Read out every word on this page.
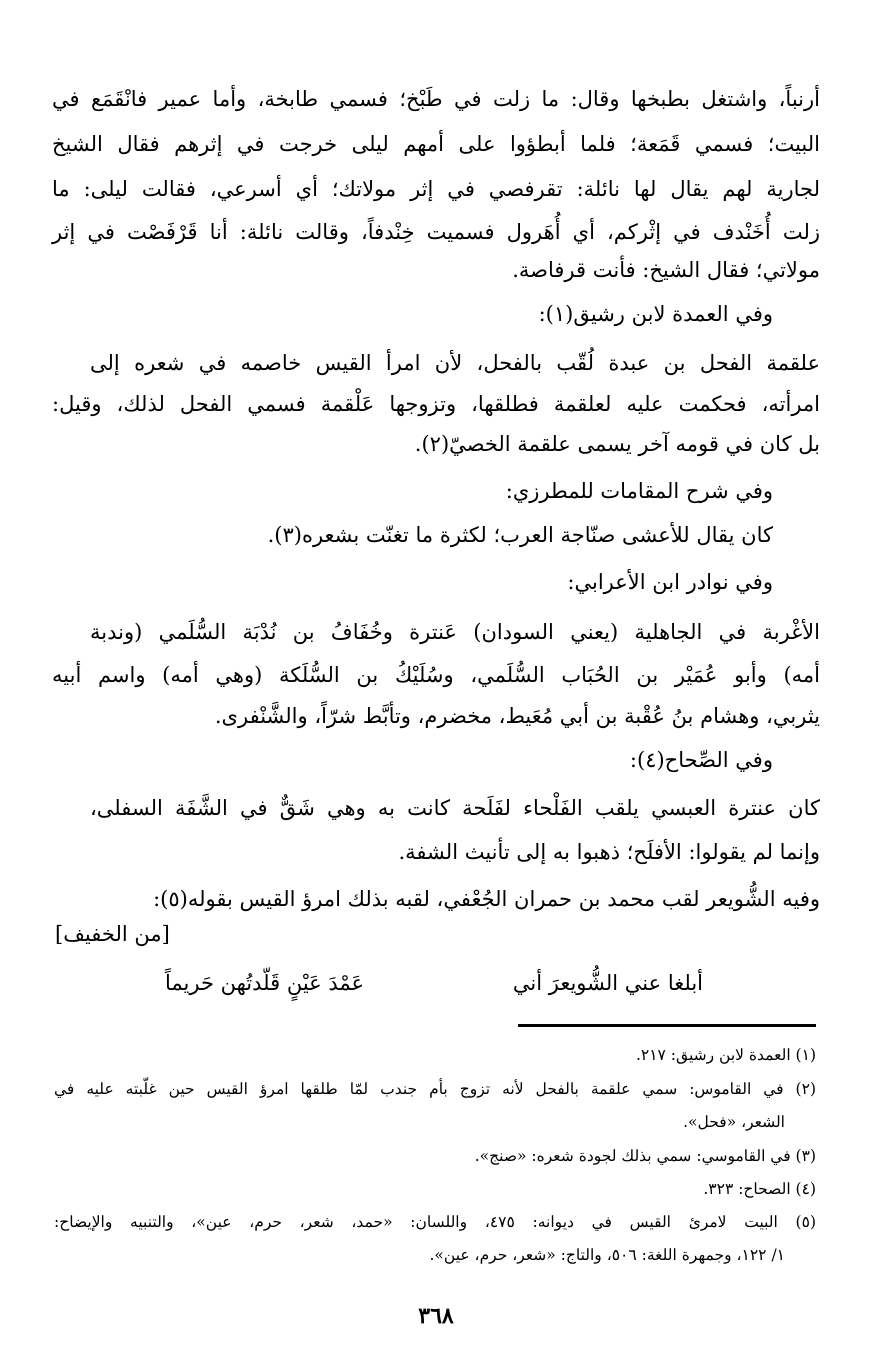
أرنباً، واشتغل بطبخها وقال: ما زلت في طَبْخ؛ فسمي طابخة، وأما عمير فانْقَمَع في
البيت؛ فسمي قَمَعة؛ فلما أبطؤوا على أمهم ليلى خرجت في إثرهم فقال الشيخ
لجارية لهم يقال لها نائلة: تقرفصي في إثر مولاتك؛ أي أسرعي، فقالت ليلى: ما
زلت أُخَنْدف في إثْركم، أي أُهَرول فسميت خِنْدفاً، وقالت نائلة: أنا قَرْفَصْت في إثر
مولاتي؛ فقال الشيخ: فأنت قرفاصة.
وفي العمدة لابن رشيق(١):
علقمة الفحل بن عبدة لُقّب بالفحل، لأن امرأ القيس خاصمه في شعره إلى
امرأته، فحكمت عليه لعلقمة فطلقها، وتزوجها عَلْقمة فسمي الفحل لذلك، وقيل:
بل كان في قومه آخر يسمى علقمة الخصيّ(٢).
وفي شرح المقامات للمطرزي:
كان يقال للأعشى صنّاجة العرب؛ لكثرة ما تغنّت بشعره(٣).
وفي نوادر ابن الأعرابي:
الأغْربة في الجاهلية (يعني السودان) عَنترة وخُفَافُ بن نُدْبَة السُّلَمي (وندبة
أمه) وأبو عُمَيْر بن الحُبَاب السُّلَمي، وسُلَيْكُ بن السُّلَكة (وهي أمه) واسم أبيه
يثربي، وهشام بنُ عُقْبة بن أبي مُعَيط، مخضرم، وتأبَّط شرّاً، والشَّنْفرى.
وفي الصِّحاح(٤):
كان عنترة العبسي يلقب الفَلْحاء لفَلَحة كانت به وهي شَقٌّ في الشَّفَة السفلى،
وإنما لم يقولوا: الأفلَح؛ ذهبوا به إلى تأنيث الشفة.
وفيه الشُّويعر لقب محمد بن حمران الجُعْفي، لقبه بذلك امرؤ القيس بقوله(٥):
[من الخفيف]
أبلغا عني الشُّويعرَ أني
عَمْدَ عَيْنٍ قَلّدتُهن حَريماً
(١) العمدة لابن رشيق: ٢١٧.
(٢) في القاموس: سمي علقمة بالفحل لأنه تزوج بأم جندب لمّا طلقها امرؤ القيس حين غلّبته عليه في
الشعر، «فحل».
(٣) في القاموسي: سمي بذلك لجودة شعره: «صنج».
(٤) الصحاح: ٣٢٣.
(٥) البيت لامرئ القيس في ديوانه: ٤٧٥، واللسان: «حمد، شعر، حرم، عين»، والتنبيه والإيضاح:
١/ ١٢٢، وجمهرة اللغة: ٥٠٦، والتاج: «شعر، حرم، عين».
٣٦٨
